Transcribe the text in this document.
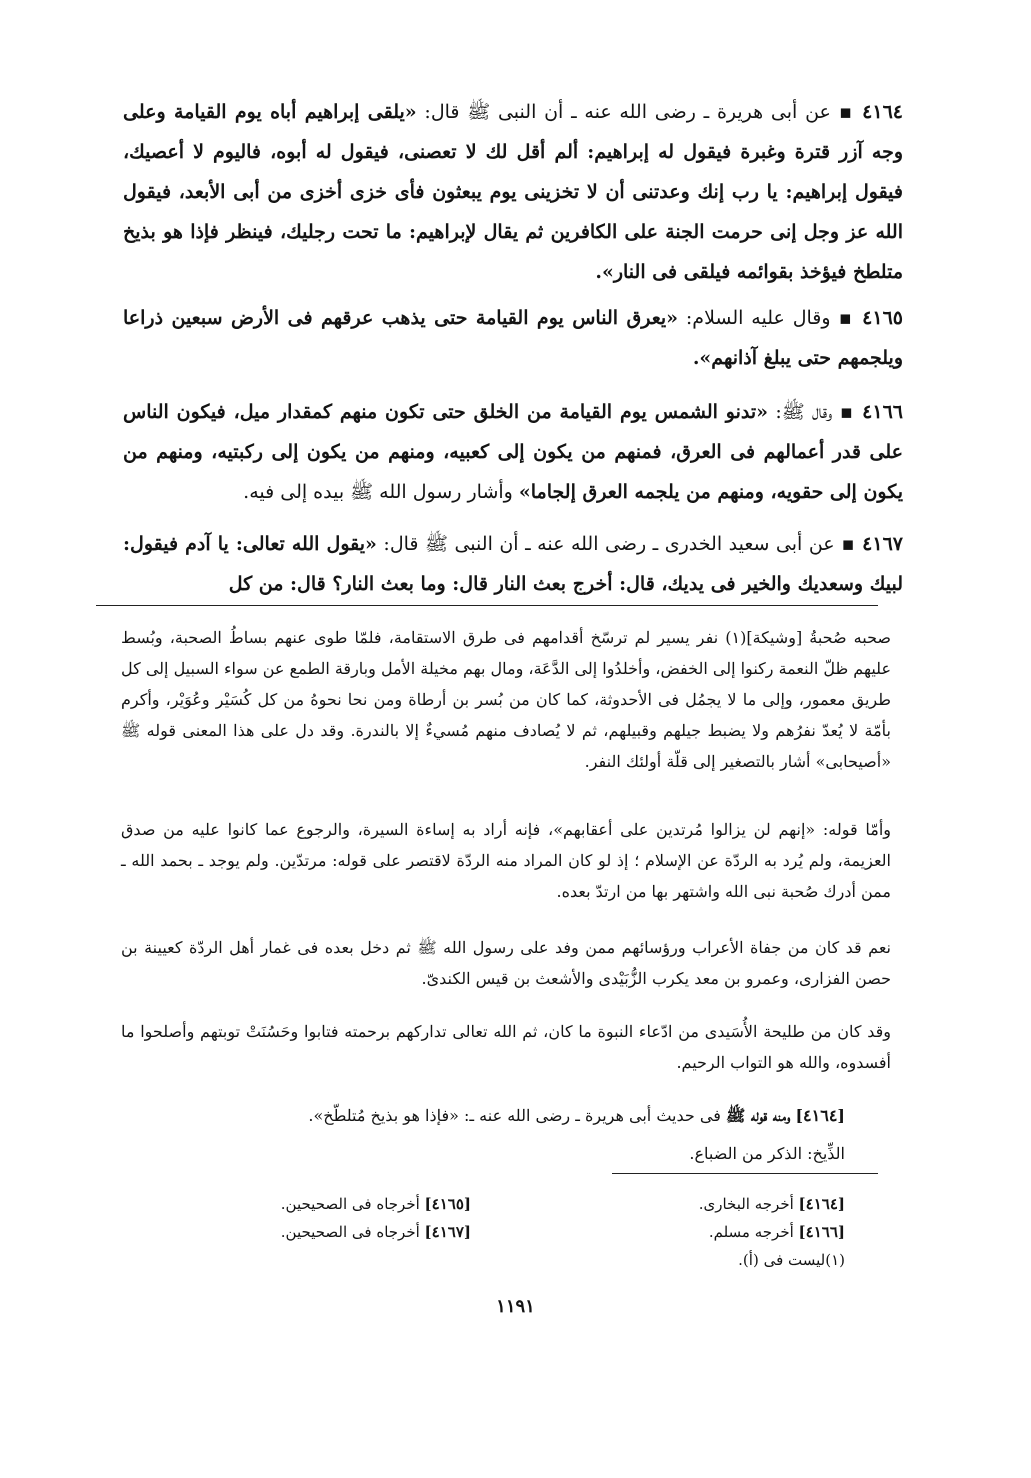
٤١٦٤ ▪ عن أبى هريرة ـ رضى الله عنه ـ أن النبى ﷺ قال: «يلقى إبراهيم أباه يوم القيامة وعلى وجه آزر قترة وغبرة فيقول له إبراهيم: ألم أقل لك لا تعصنى، فيقول له أبوه، فاليوم لا أعصيك، فيقول إبراهيم: يا رب إنك وعدتنى أن لا تخزينى يوم يبعثون فأى خزى أخزى من أبى الأبعد، فيقول الله عز وجل إنى حرمت الجنة على الكافرين ثم يقال لإبراهيم: ما تحت رجليك، فينظر فإذا هو بذيخ متلطخ فيؤخذ بقوائمه فيلقى فى النار».
٤١٦٥ ▪ وقال عليه السلام: «يعرق الناس يوم القيامة حتى يذهب عرقهم فى الأرض سبعين ذراعا ويلجمهم حتى يبلغ آذانهم».
٤١٦٦ ▪ وقال ﷺ: «تدنو الشمس يوم القيامة من الخلق حتى تكون منهم كمقدار ميل، فيكون الناس على قدر أعمالهم فى العرق، فمنهم من يكون إلى كعبيه، ومنهم من يكون إلى ركبتيه، ومنهم من يكون إلى حقويه، ومنهم من يلجمه العرق إلجاما» وأشار رسول الله ﷺ بيده إلى فيه.
٤١٦٧ ▪ عن أبى سعيد الخدرى ـ رضى الله عنه ـ أن النبى ﷺ قال: «يقول الله تعالى: يا آدم فيقول: لبيك وسعديك والخير فى يديك، قال: أخرج بعث النار قال: وما بعث النار؟ قال: من كل
صحبه صُحبةُ [وشيكة](١) نفر يسير لم ترسّخ أقدامهم فى طرق الاستقامة، فلمّا طوى عنهم بساطُ الصحبة، وبُسط عليهم ظلّ النعمة ركنوا إلى الخفض، وأخلدُوا إلى الدَّعَة، ومال بهم مخيلة الأمل وبارقة الطمع عن سواء السبيل إلى كل طريق معمور، وإلى ما لا يجمُل فى الأحدوثة، كما كان من بُسر بن أرطاة ومن نحا نحوهُ من كل كُسَيْر وعُوَيْر، وأكرم بأمّة لا يُعدّ نفرُهم ولا يضبط جيلهم وقبيلهم، ثم لا يُصادف منهم مُسيءٌ إلا بالندرة. وقد دل على هذا المعنى قوله ﷺ «أصيحابى» أشار بالتصغير إلى قلّة أولئك النفر.
وأمّا قوله: «إنهم لن يزالوا مُرتدين على أعقابهم»، فإنه أراد به إساءة السيرة، والرجوع عما كانوا عليه من صدق العزيمة، ولم يُرد به الردّة عن الإسلام ؛ إذ لو كان المراد منه الردّة لاقتصر على قوله: مرتدّين. ولم يوجد ـ بحمد الله ـ ممن أدرك صُحبة نبى الله واشتهر بها من ارتدّ بعده.
نعم قد كان من جفاة الأعراب ورؤسائهم ممن وفد على رسول الله ﷺ ثم دخل بعده فى غمار أهل الردّة كعيينة بن حصن الفزارى، وعمرو بن معد يكرب الزُّبَيْدى والأشعث بن قيس الكندىّ.
وقد كان من طليحة الأُسَيدى من ادّعاء النبوة ما كان، ثم الله تعالى تداركهم برحمته فتابوا وحَسُنَتْ توبتهم وأصلحوا ما أفسدوه، والله هو التواب الرحيم.
[٤١٦٤] ومنه قوله ﷺ فى حديث أبى هريرة ـ رضى الله عنه ـ: «فإذا هو بذيخ مُتلطّخ».
الذِّيخ: الذكر من الضباع.
[٤١٦٤] أخرجه البخارى.
[٤١٦٦] أخرجه مسلم.
(١)ليست فى (أ).
[٤١٦٥] أخرجاه فى الصحيحين.
[٤١٦٧] أخرجاه فى الصحيحين.
١١٩١
